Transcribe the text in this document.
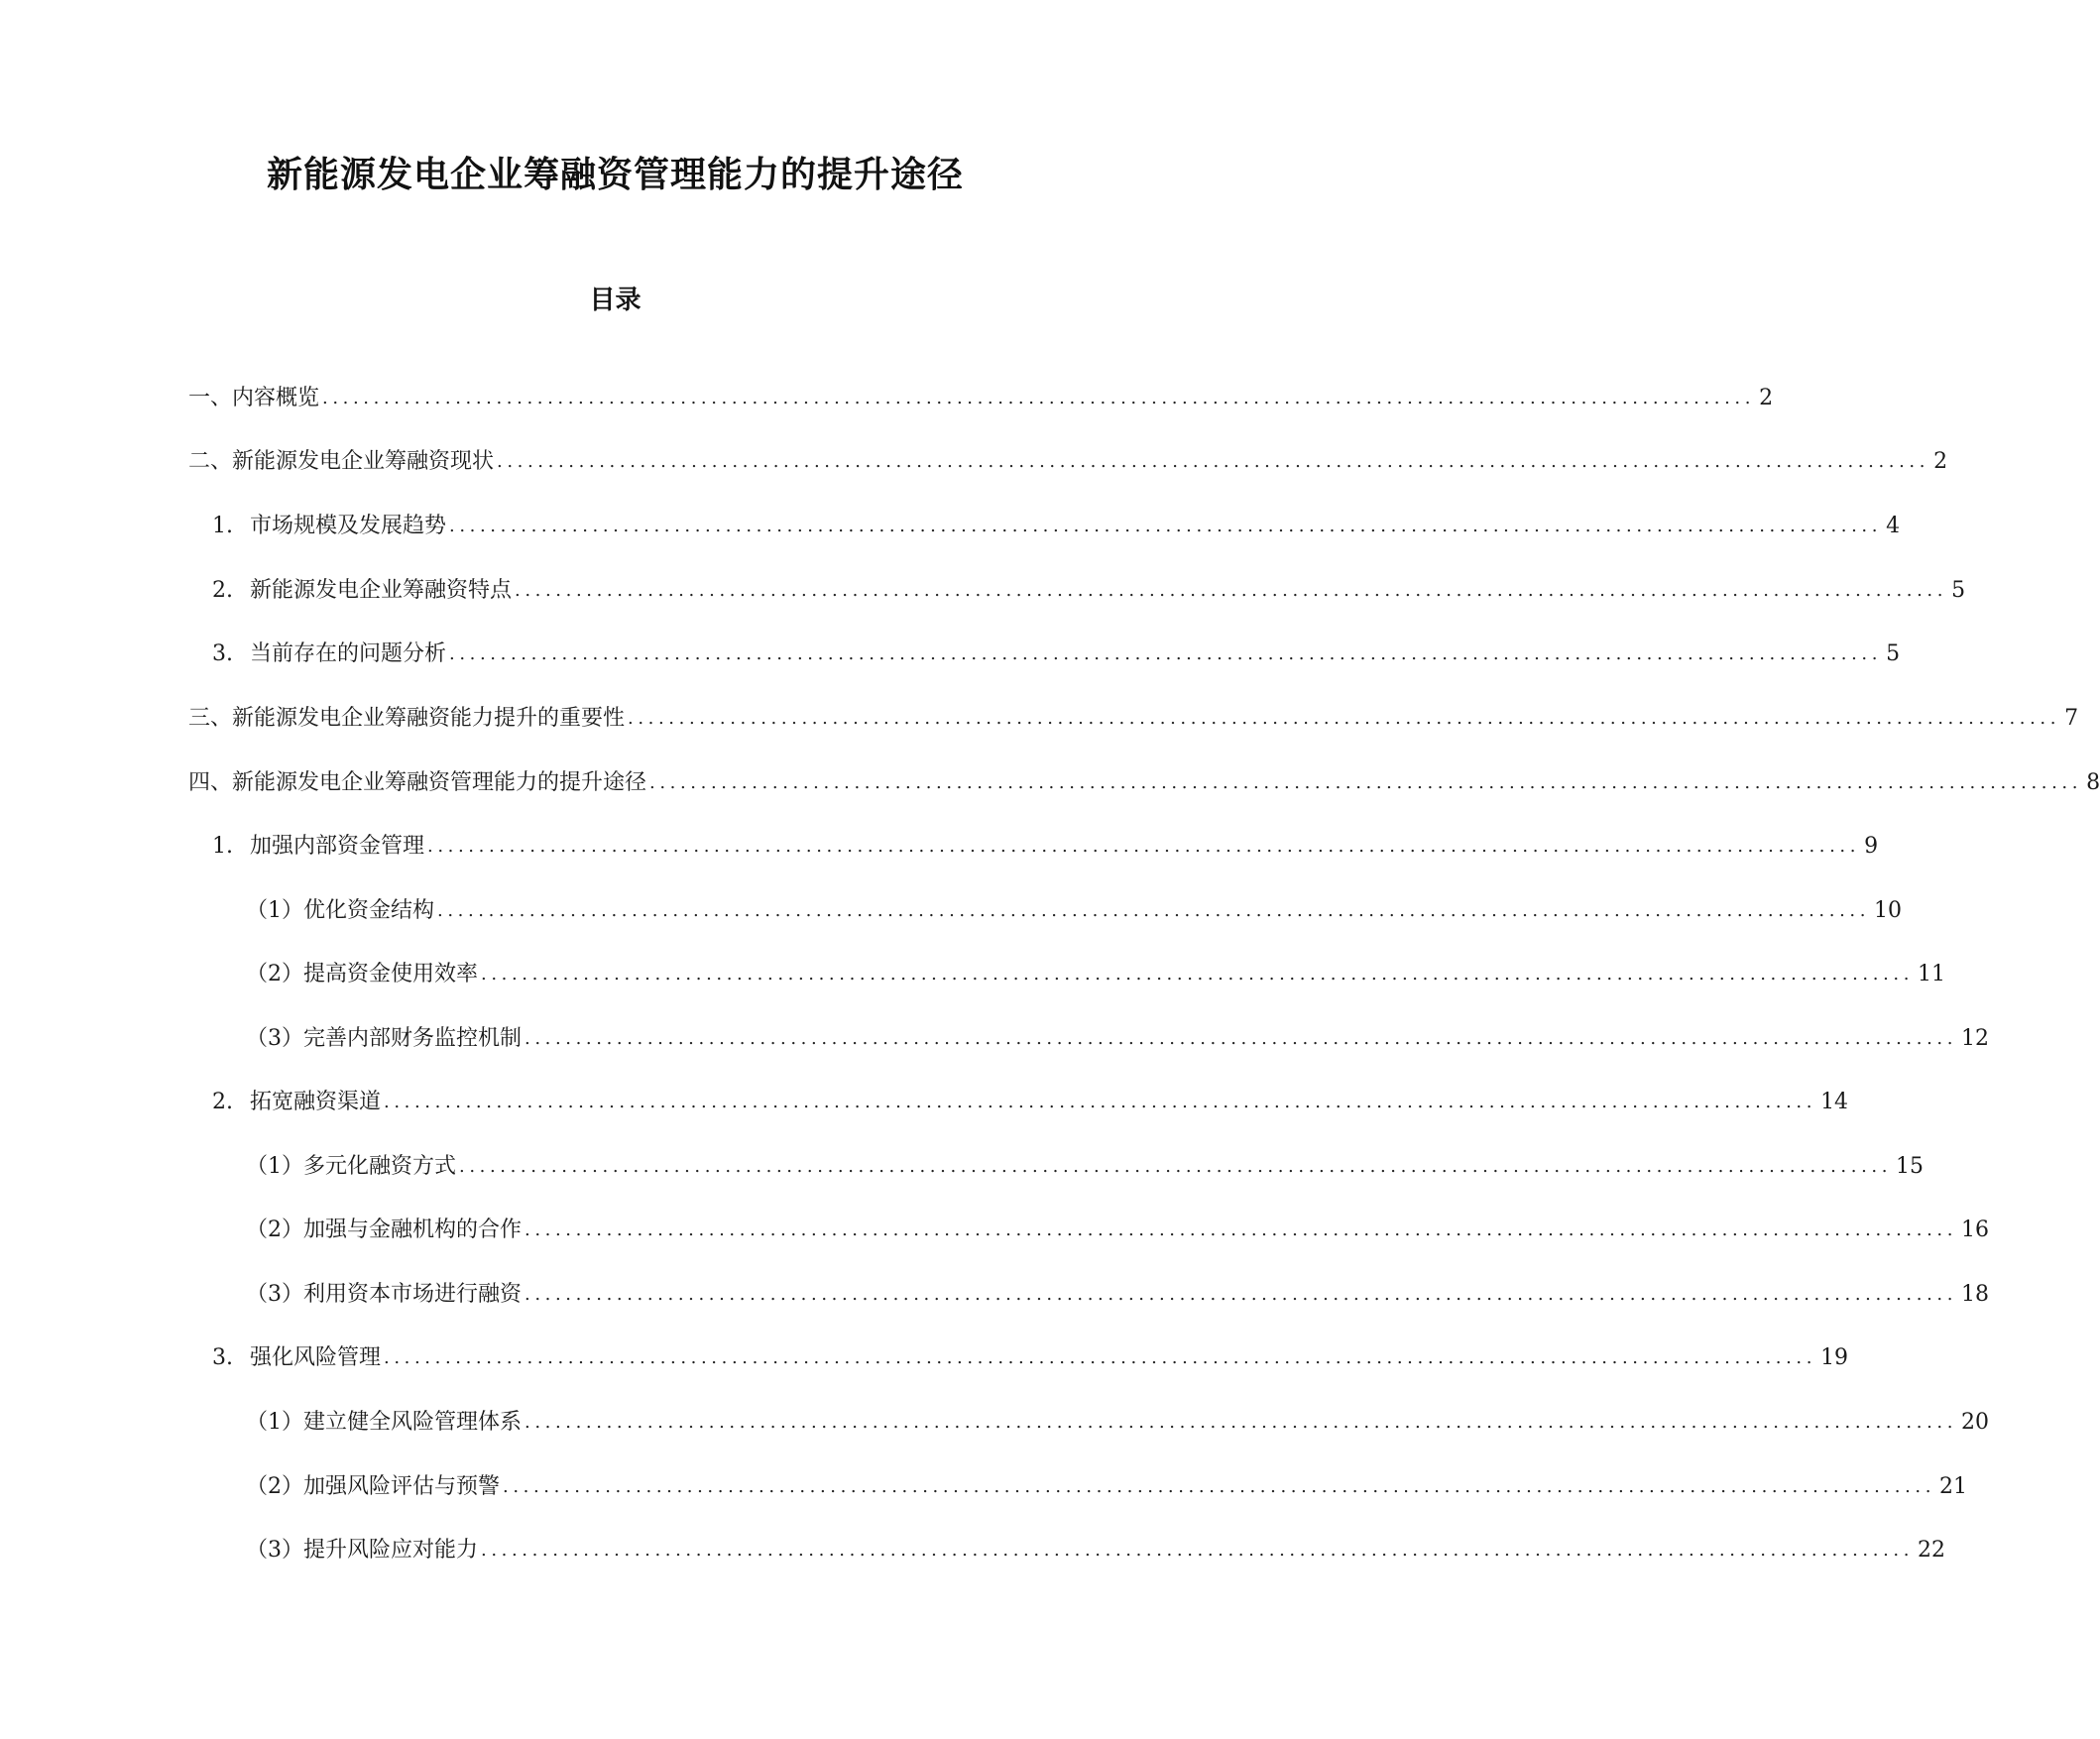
新能源发电企业筹融资管理能力的提升途径
目录
一、内容概览 ............................................................................................................................................ 2
二、新能源发电企业筹融资现状 ............................................................................................................................................ 2
1. 市场规模及发展趋势 ............................................................................................................................................ 4
2. 新能源发电企业筹融资特点 ............................................................................................................................................ 5
3. 当前存在的问题分析 ............................................................................................................................................ 5
三、新能源发电企业筹融资能力提升的重要性 ............................................................................................................................................ 7
四、新能源发电企业筹融资管理能力的提升途径 ............................................................................................................................................ 8
1. 加强内部资金管理 ............................................................................................................................................ 9
（1）优化资金结构 ............................................................................................................................................ 10
（2）提高资金使用效率 ............................................................................................................................................ 11
（3）完善内部财务监控机制 ............................................................................................................................................ 12
2. 拓宽融资渠道 ............................................................................................................................................ 14
（1）多元化融资方式 ............................................................................................................................................ 15
（2）加强与金融机构的合作 ............................................................................................................................................ 16
（3）利用资本市场进行融资 ............................................................................................................................................ 18
3. 强化风险管理 ............................................................................................................................................ 19
（1）建立健全风险管理体系 ............................................................................................................................................ 20
（2）加强风险评估与预警 ............................................................................................................................................ 21
（3）提升风险应对能力 ............................................................................................................................................ 22
